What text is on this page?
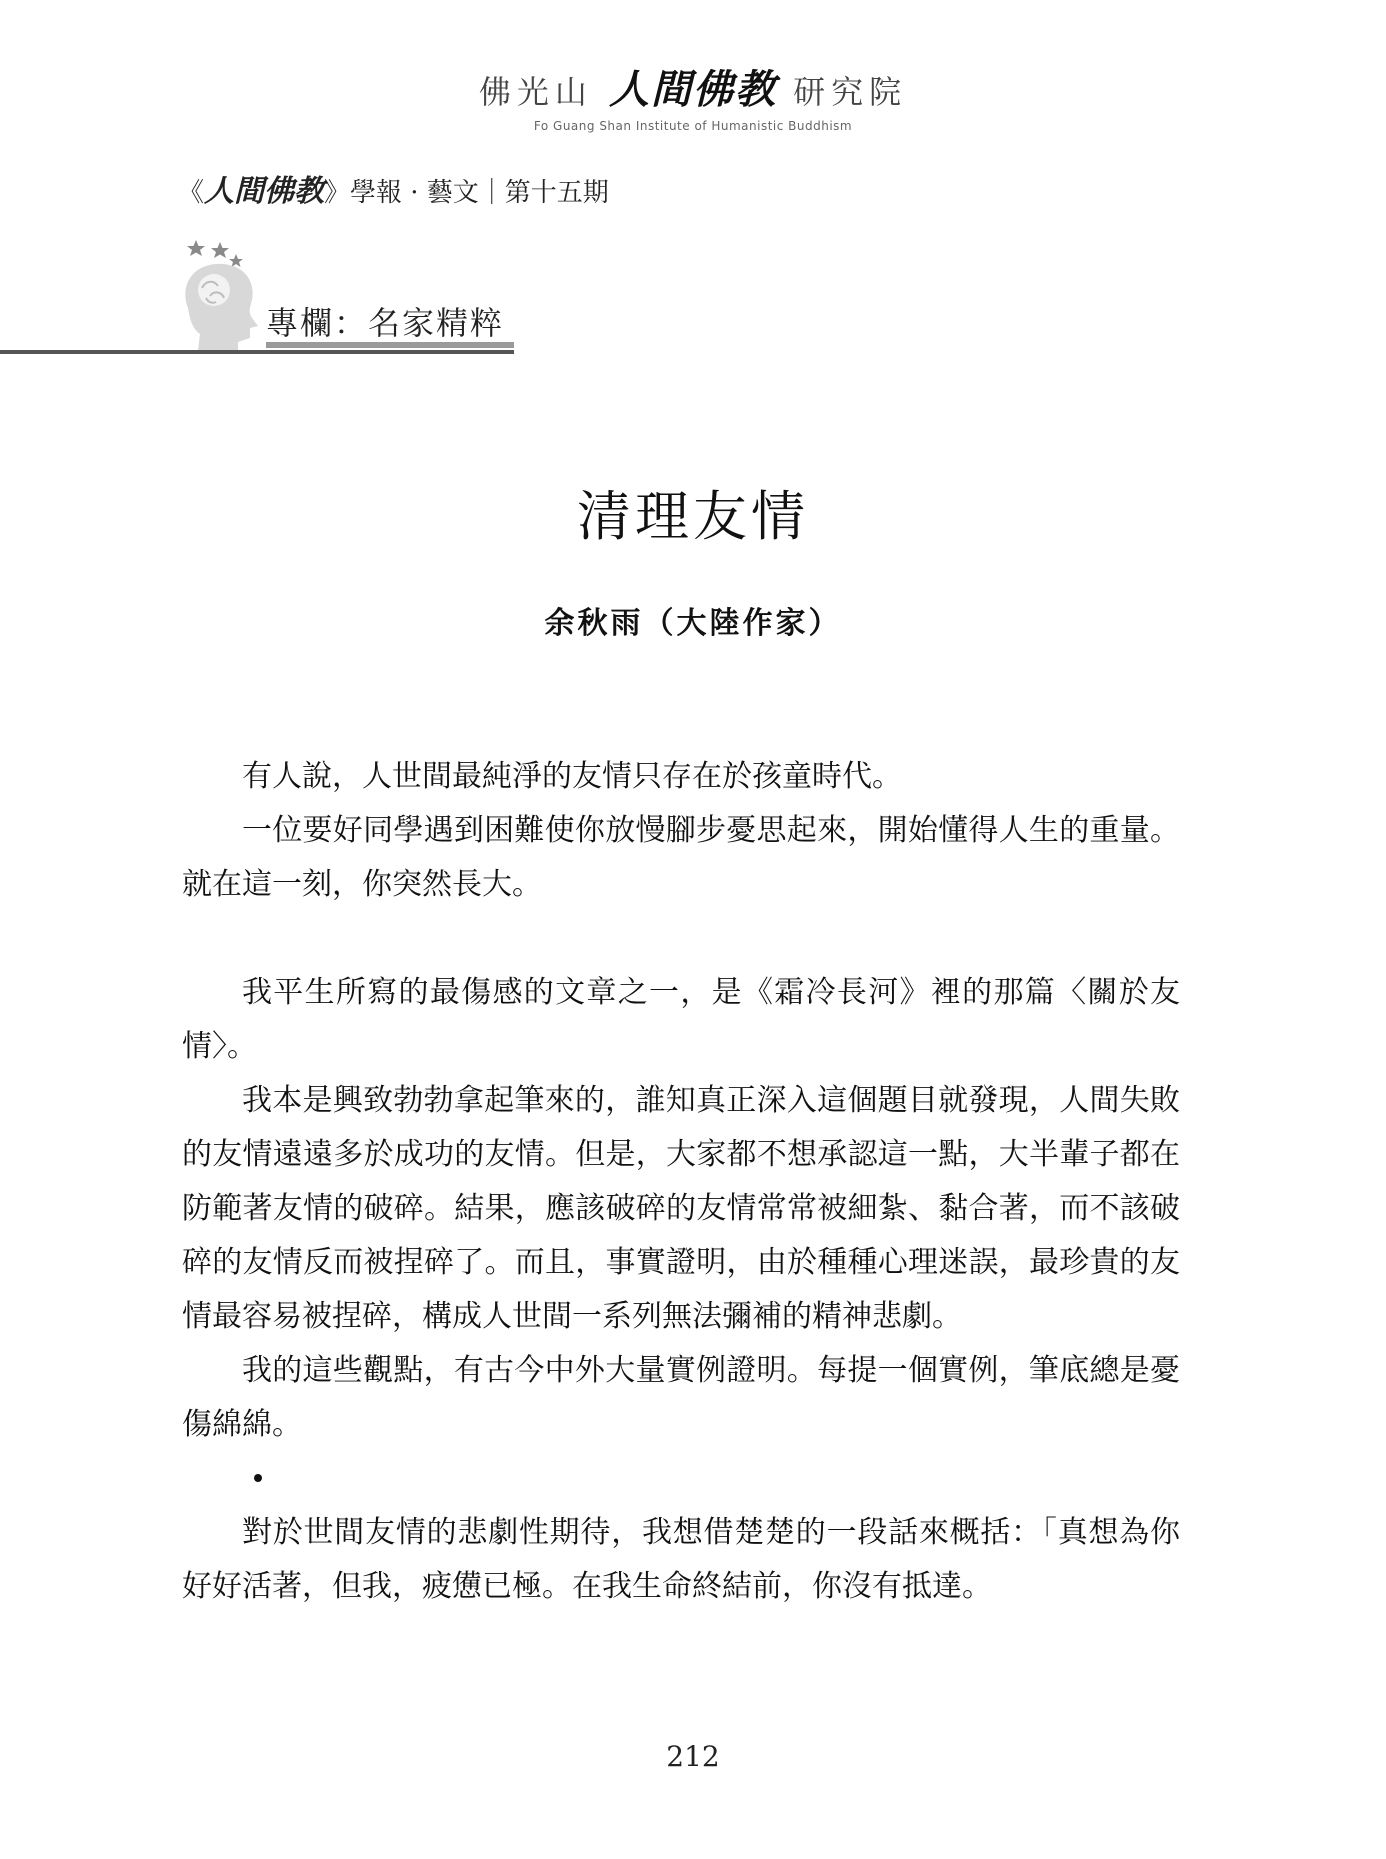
佛光山 人間佛教 研究院
Fo Guang Shan Institute of Humanistic Buddhism
《人間佛教》學報 · 藝文｜第十五期
專欄：名家精粹
清理友情
余秋雨（大陸作家）

有人說，人世間最純淨的友情只存在於孩童時代。

一位要好同學遇到困難使你放慢腳步憂思起來，開始懂得人生的重量。就在這一刻，你突然長大。

我平生所寫的最傷感的文章之一，是《霜冷長河》裡的那篇〈關於友情〉。

我本是興致勃勃拿起筆來的，誰知真正深入這個題目就發現，人間失敗的友情遠遠多於成功的友情。但是，大家都不想承認這一點，大半輩子都在防範著友情的破碎。結果，應該破碎的友情常常被細紮、黏合著，而不該破碎的友情反而被捏碎了。而且，事實證明，由於種種心理迷誤，最珍貴的友情最容易被捏碎，構成人世間一系列無法彌補的精神悲劇。

我的這些觀點，有古今中外大量實例證明。每提一個實例，筆底總是憂傷綿綿。

對於世間友情的悲劇性期待，我想借楚楚的一段話來概括：「真想為你好好活著，但我，疲憊已極。在我生命終結前，你沒有抵達。

212
